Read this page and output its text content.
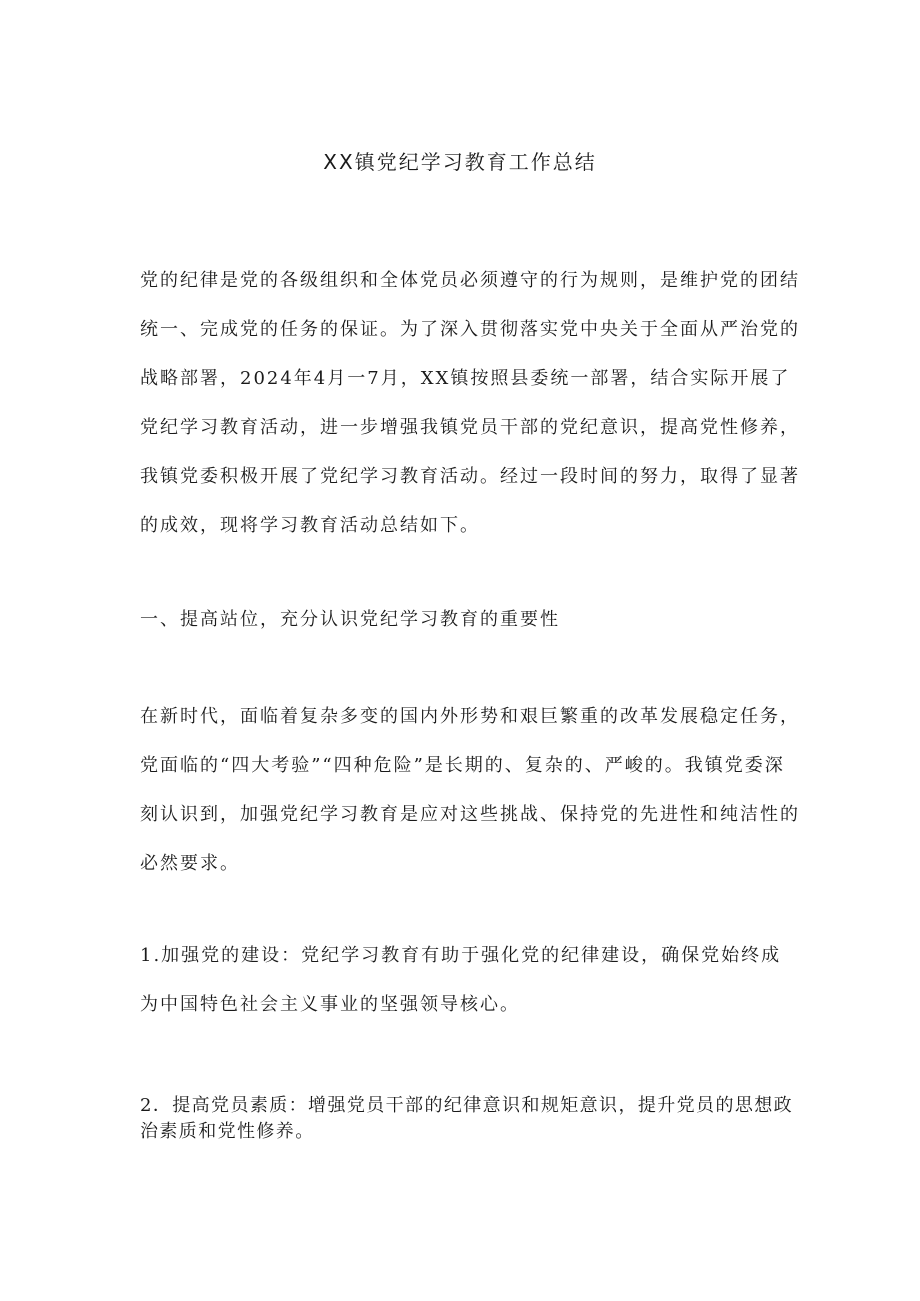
XX镇党纪学习教育工作总结

党的纪律是党的各级组织和全体党员必须遵守的行为规则，是维护党的团结统一、完成党的任务的保证。为了深入贯彻落实党中央关于全面从严治党的战略部署，2024年4月一7月，XX镇按照县委统一部署，结合实际开展了党纪学习教育活动，进一步增强我镇党员干部的党纪意识，提高党性修养，我镇党委积极开展了党纪学习教育活动。经过一段时间的努力，取得了显著的成效，现将学习教育活动总结如下。

一、提高站位，充分认识党纪学习教育的重要性

在新时代，面临着复杂多变的国内外形势和艰巨繁重的改革发展稳定任务，党面临的“四大考验”“四种危险”是长期的、复杂的、严峻的。我镇党委深刻认识到，加强党纪学习教育是应对这些挑战、保持党的先进性和纯洁性的必然要求。

1.加强党的建设：党纪学习教育有助于强化党的纪律建设，确保党始终成为中国特色社会主义事业的坚强领导核心。

2．提高党员素质：增强党员干部的纪律意识和规矩意识，提升党员的思想政治素质和党性修养。
